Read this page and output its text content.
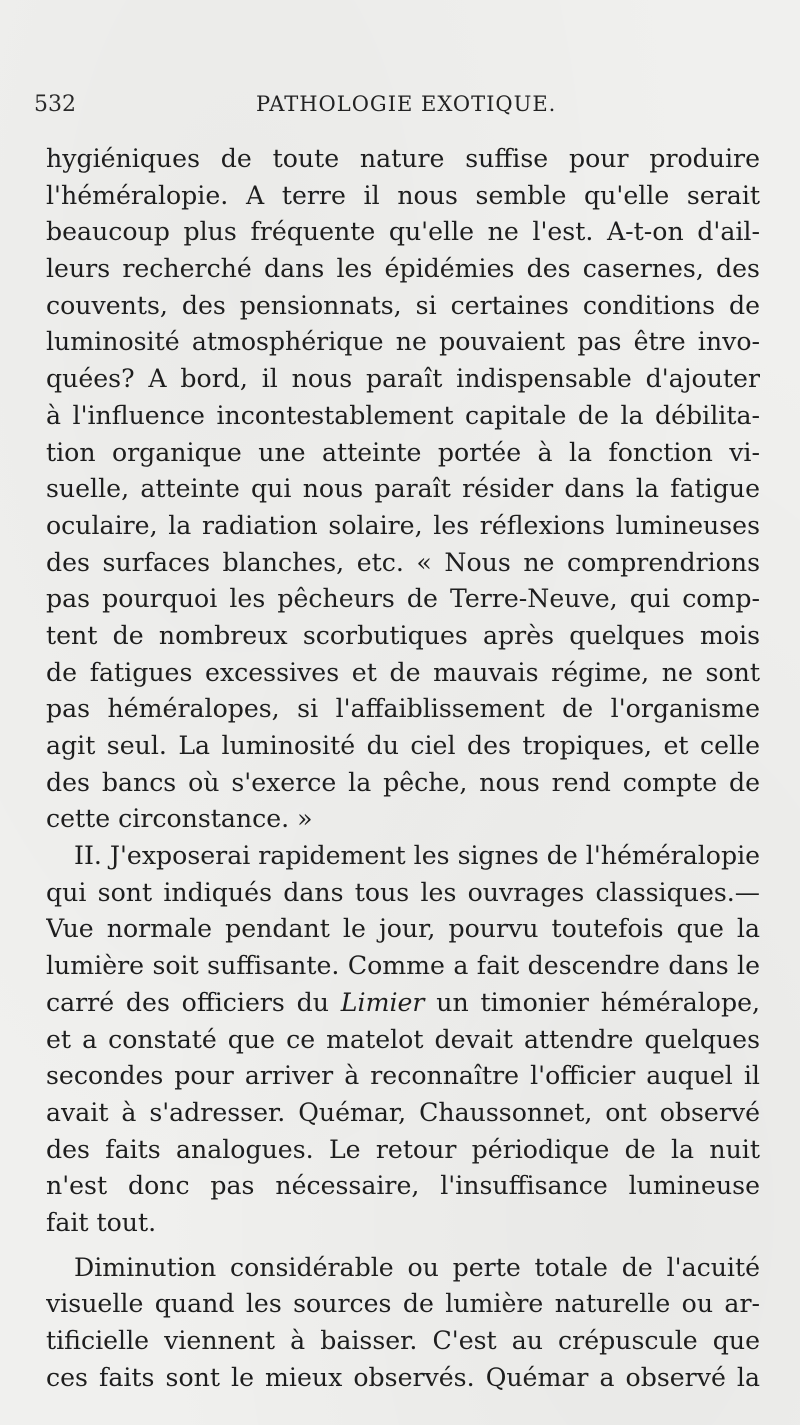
532	PATHOLOGIE EXOTIQUE.
hygiéniques de toute nature suffise pour produire
l'héméralopie. A terre il nous semble qu'elle serait
beaucoup plus fréquente qu'elle ne l'est. A-t-on d'ail-
leurs recherché dans les épidémies des casernes, des
couvents, des pensionnats, si certaines conditions de
luminosité atmosphérique ne pouvaient pas être invo-
quées? A bord, il nous paraît indispensable d'ajouter
à l'influence incontestablement capitale de la débilita-
tion organique une atteinte portée à la fonction vi-
suelle, atteinte qui nous paraît résider dans la fatigue
oculaire, la radiation solaire, les réflexions lumineuses
des surfaces blanches, etc. « Nous ne comprendrions
pas pourquoi les pêcheurs de Terre-Neuve, qui comp-
tent de nombreux scorbutiques après quelques mois
de fatigues excessives et de mauvais régime, ne sont
pas héméralopes, si l'affaiblissement de l'organisme
agit seul. La luminosité du ciel des tropiques, et celle
des bancs où s'exerce la pêche, nous rend compte de
cette circonstance. »
II. J'exposerai rapidement les signes de l'héméralopie
qui sont indiqués dans tous les ouvrages classiques.—
Vue normale pendant le jour, pourvu toutefois que la
lumière soit suffisante. Comme a fait descendre dans le
carré des officiers du Limier un timonier héméralope,
et a constaté que ce matelot devait attendre quelques
secondes pour arriver à reconnaître l'officier auquel il
avait à s'adresser. Quémar, Chaussonnet, ont observé
des faits analogues. Le retour périodique de la nuit
n'est donc pas nécessaire, l'insuffisance lumineuse
fait tout.
Diminution considérable ou perte totale de l'acuité
visuelle quand les sources de lumière naturelle ou ar-
tificielle viennent à baisser. C'est au crépuscule que
ces faits sont le mieux observés. Quémar a observé la
